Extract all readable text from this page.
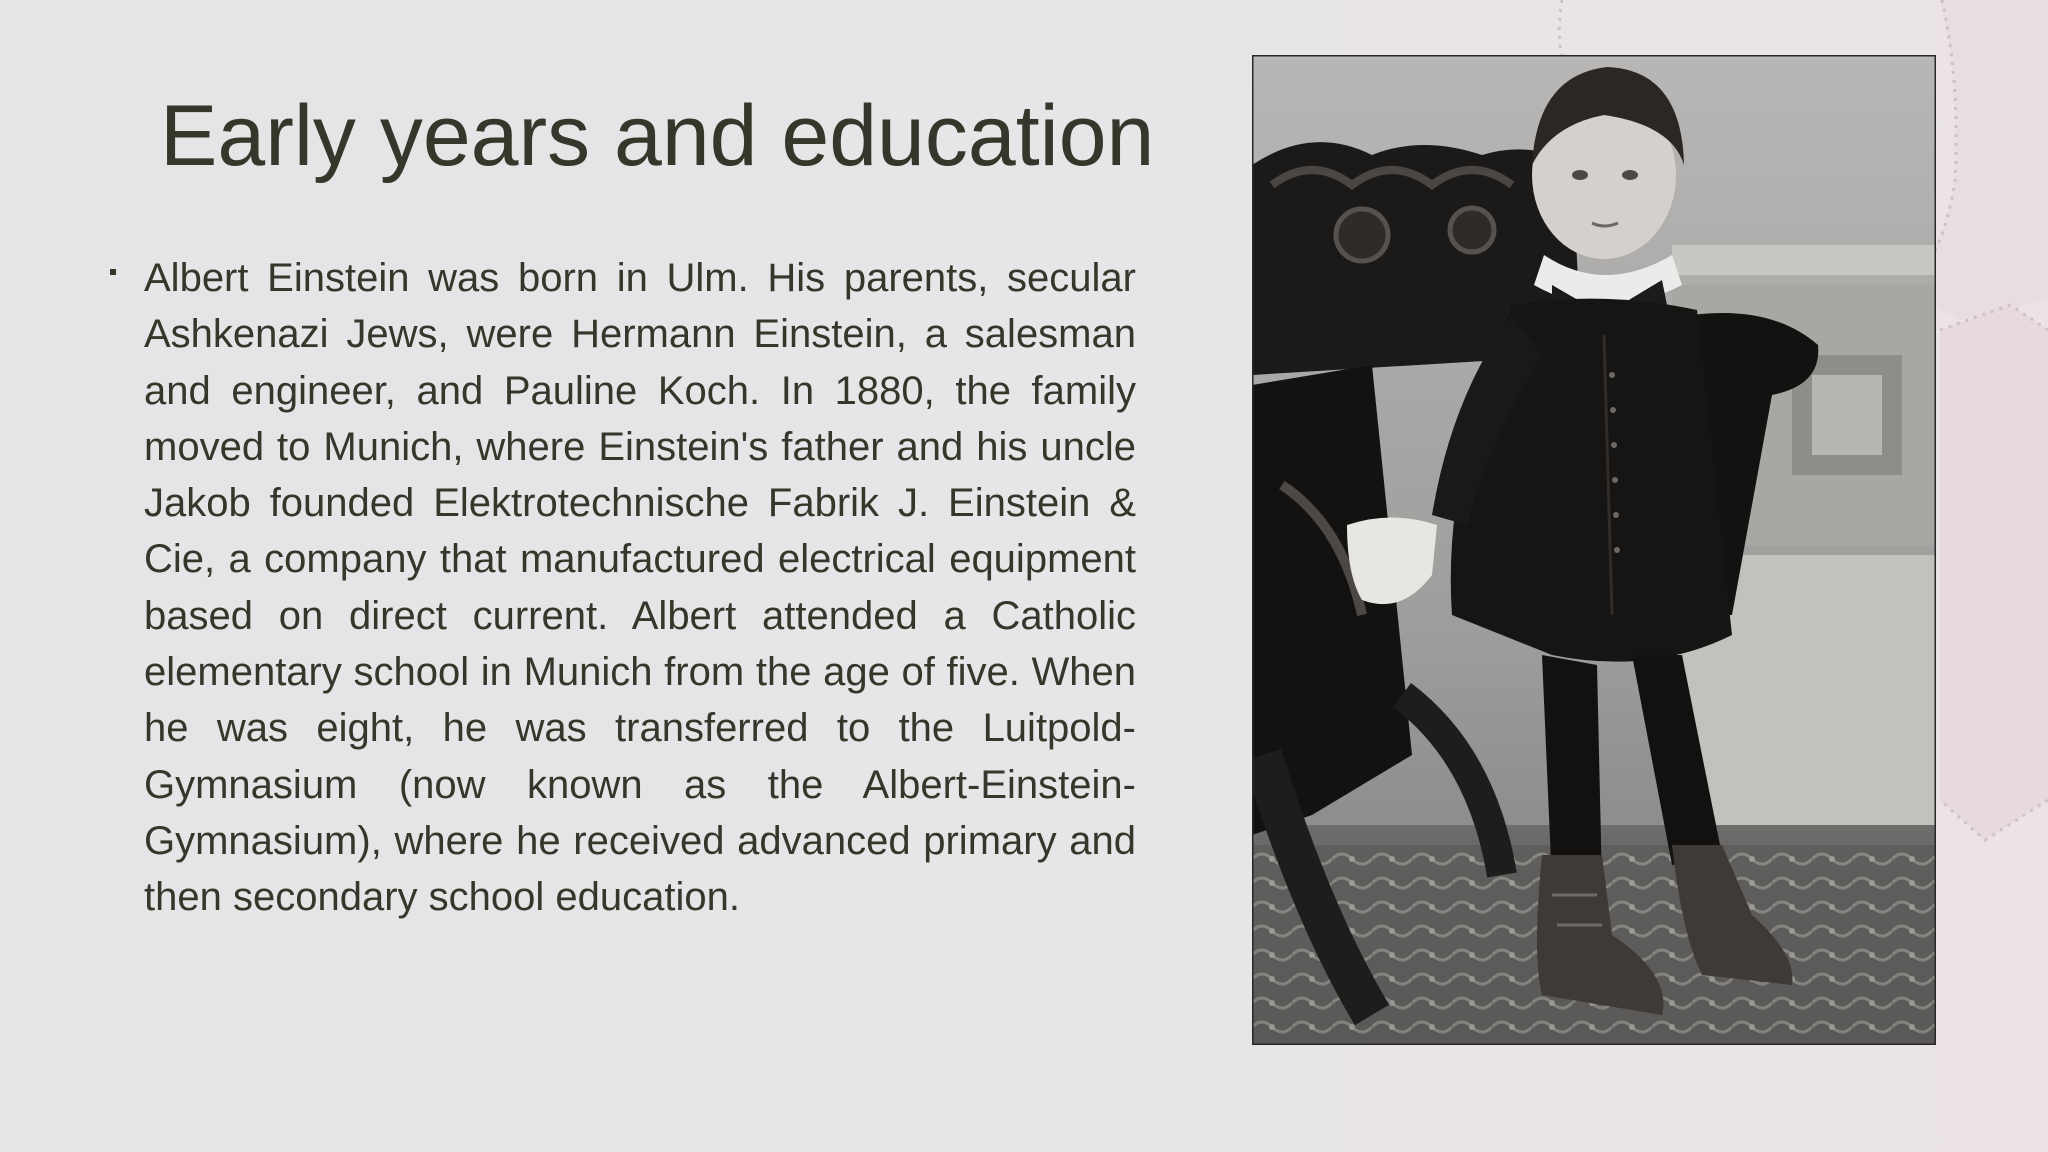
Early years and education
Albert Einstein was born in Ulm. His parents, secular Ashkenazi Jews, were Hermann Einstein, a salesman and engineer, and Pauline Koch. In 1880, the family moved to Munich, where Einstein's father and his uncle Jakob founded Elektrotechnische Fabrik J. Einstein & Cie, a company that manufactured electrical equipment based on direct current. Albert attended a Catholic elementary school in Munich from the age of five. When he was eight, he was transferred to the Luitpold-Gymnasium (now known as the Albert-Einstein-Gymnasium), where he received advanced primary and then secondary school education.
